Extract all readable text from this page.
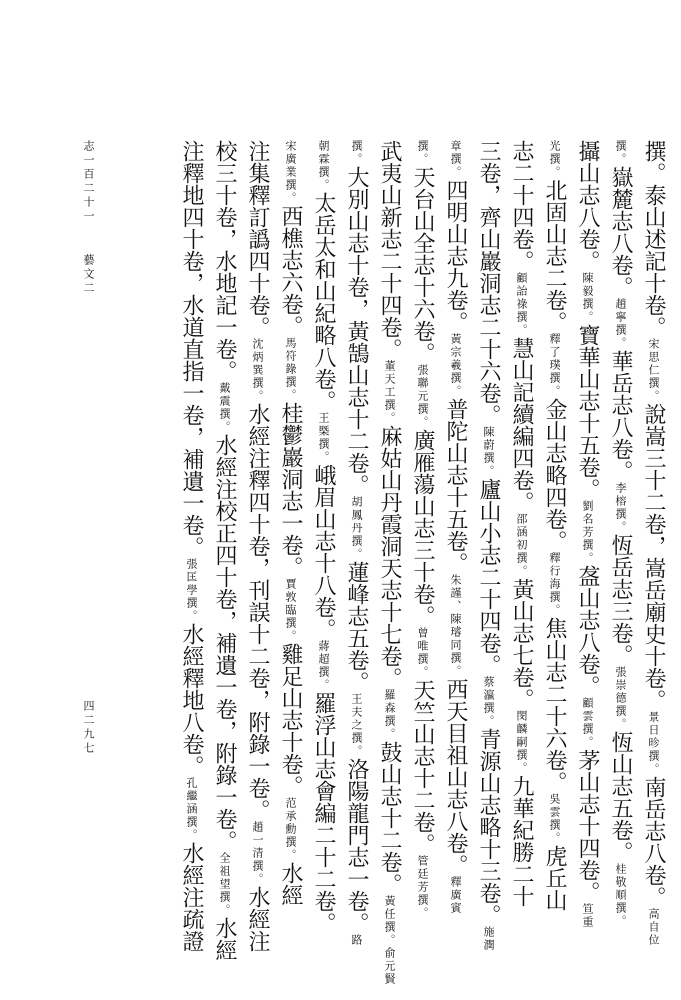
撰。泰山述記十卷。宋思仁撰。說嵩三十二卷，嵩岳廟史十卷。景日昣撰。南岳志八卷。高自位
撰。嶽麓志八卷。趙寧撰。華岳志八卷。李榕撰。恆岳志三卷。張崇德撰。恆山志五卷。桂敬順撰。
攝山志八卷。陳毅撰。寶華山志十五卷。劉名芳撰。盋山志八卷。顧雲撰。茅山志十四卷。笪重
光撰。北固山志二卷。釋了璞撰。金山志略四卷。釋行海撰。焦山志二十六卷。吳雲撰。虎丘山
志二十四卷。顧詒祿撰。慧山記續編四卷。邵涵初撰。黃山志七卷。閔麟嗣撰。九華紀勝二十
三卷，齊山巖洞志二十六卷。陳蔚撰。廬山小志二十四卷。蔡瀛撰。青源山志略十三卷。施潤
章撰。四明山志九卷。黃宗羲撰。普陀山志十五卷。朱謹、陳璿同撰。西天目祖山志八卷。釋廣賓
撰。天台山全志十六卷。張聯元撰。廣雁蕩山志三十卷。曾唯撰。天竺山志十二卷。管廷芳撰。
武夷山新志二十四卷。董天工撰。麻姑山丹霞洞天志十七卷。羅森撰。鼓山志十二卷。黃任撰。俞元賢
撰。大別山志十卷，黃鵠山志十二卷。胡鳳丹撰。蓮峰志五卷。王夫之撰。洛陽龍門志一卷。路
朝霖撰。太岳太和山紀略八卷。王槩撰。峨眉山志十八卷。蔣超撰。羅浮山志會編二十二卷。
宋廣業撰。西樵志六卷。馬符錄撰。桂鬱巖洞志一卷。賈敦臨撰。雞足山志十卷。范承勳撰。水經
注集釋訂譌四十卷。沈炳巽撰。水經注釋四十卷，刊誤十二卷，附錄一卷。趙一清撰。水經注
校三十卷，水地記一卷。戴震撰。水經注校正四十卷，補遺一卷，附錄一卷。全祖望撰。水經
注釋地四十卷，水道直指一卷，補遺一卷。張匡學撰。水經釋地八卷。孔繼涵撰。水經注疏證
志一百二十一藝文二
四二九七
